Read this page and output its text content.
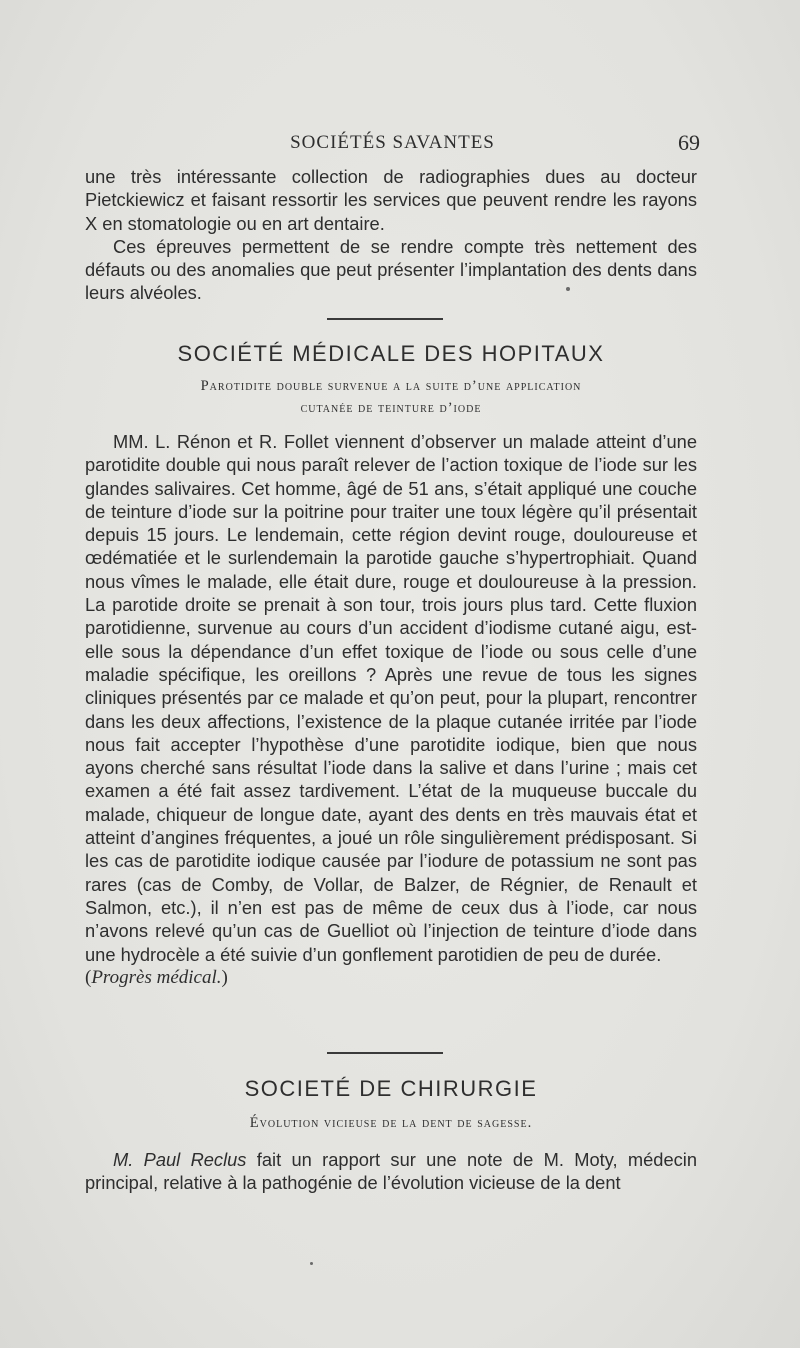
SOCIÉTÉS SAVANTES	69

une très intéressante collection de radiographies dues au docteur Pietckiewicz et faisant ressortir les services que peuvent rendre les rayons X en stomatologie ou en art dentaire.

Ces épreuves permettent de se rendre compte très nettement des défauts ou des anomalies que peut présenter l’implantation des dents dans leurs alvéoles.

SOCIÉTÉ MÉDICALE DES HOPITAUX
Parotidite double survenue a la suite d’une application
cutanée de teinture d’iode

MM. L. Rénon et R. Follet viennent d’observer un malade atteint d’une parotidite double qui nous paraît relever de l’action toxique de l’iode sur les glandes salivaires. Cet homme, âgé de 51 ans, s’était appliqué une couche de teinture d’iode sur la poitrine pour traiter une toux légère qu’il présentait depuis 15 jours. Le lendemain, cette région devint rouge, douloureuse et œdématiée et le surlendemain la parotide gauche s’hypertrophiait. Quand nous vîmes le malade, elle était dure, rouge et douloureuse à la pression. La parotide droite se prenait à son tour, trois jours plus tard. Cette fluxion parotidienne, survenue au cours d’un accident d’iodisme cutané aigu, est-elle sous la dépendance d’un effet toxique de l’iode ou sous celle d’une maladie spécifique, les oreillons ? Après une revue de tous les signes cliniques présentés par ce malade et qu’on peut, pour la plupart, rencontrer dans les deux affections, l’existence de la plaque cutanée irritée par l’iode nous fait accepter l’hypothèse d’une parotidite iodique, bien que nous ayons cherché sans résultat l’iode dans la salive et dans l’urine ; mais cet examen a été fait assez tardivement. L’état de la muqueuse buccale du malade, chiqueur de longue date, ayant des dents en très mauvais état et atteint d’angines fréquentes, a joué un rôle singulièrement prédisposant. Si les cas de parotidite iodique causée par l’iodure de potassium ne sont pas rares (cas de Comby, de Vollar, de Balzer, de Régnier, de Renault et Salmon, etc.), il n’en est pas de même de ceux dus à l’iode, car nous n’avons relevé qu’un cas de Guelliot où l’injection de teinture d’iode dans une hydrocèle a été suivie d’un gonflement parotidien de peu de durée.

(Progrès médical.)

SOCIETÉ DE CHIRURGIE
Évolution vicieuse de la dent de sagesse.

M. Paul Reclus fait un rapport sur une note de M. Moty, médecin principal, relative à la pathogénie de l’évolution vicieuse de la dent
